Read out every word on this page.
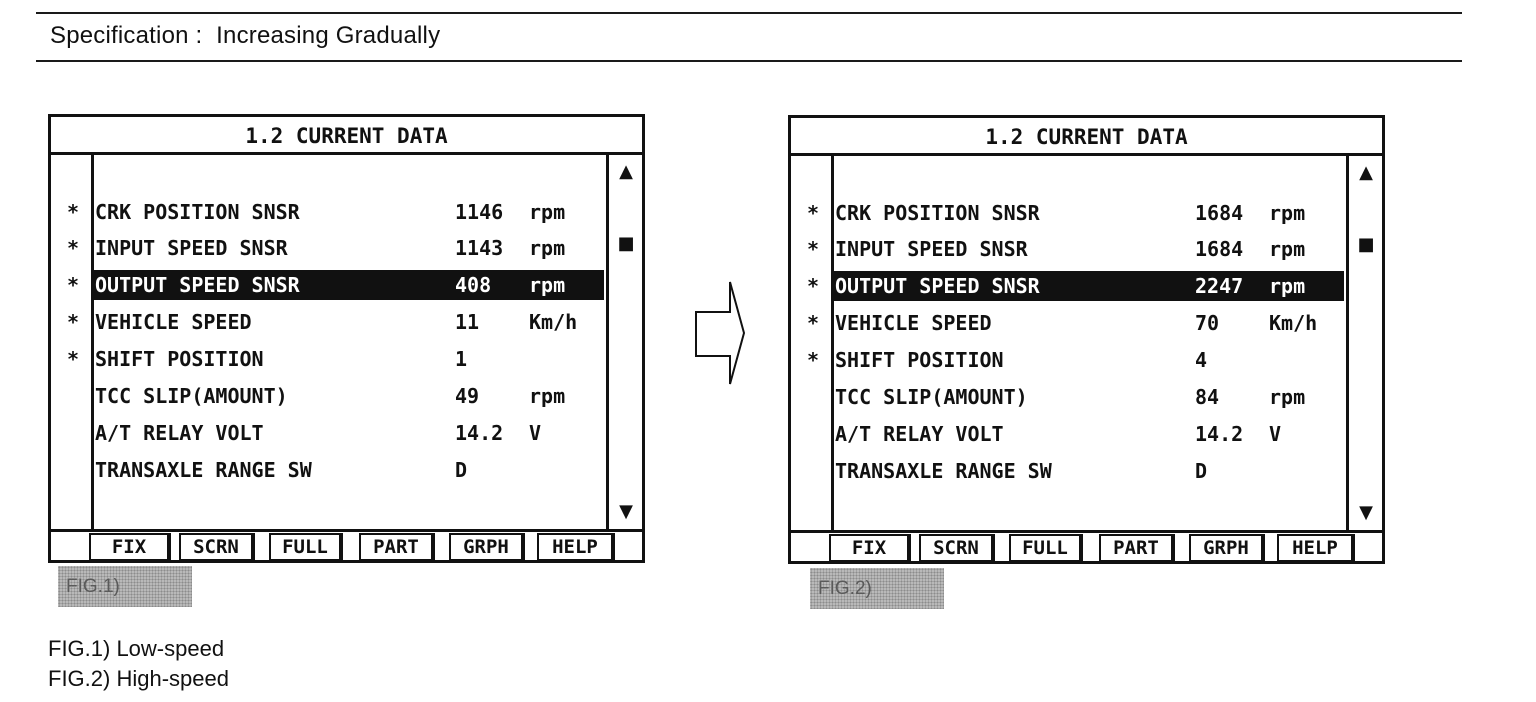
Specification :  Increasing Gradually
1.2 CURRENT DATA
* CRK POSITION SNSR	1146 rpm
* INPUT SPEED SNSR	1143 rpm
* OUTPUT SPEED SNSR	408 rpm
* VEHICLE SPEED	11 Km/h
* SHIFT POSITION	1
TCC SLIP(AMOUNT)	49 rpm
A/T RELAY VOLT	14.2 V
TRANSAXLE RANGE SW	D
▲
■
▼
FIX	SCRN	FULL	PART	GRPH	HELP
FIG.1)
1.2 CURRENT DATA
* CRK POSITION SNSR	1684 rpm
* INPUT SPEED SNSR	1684 rpm
* OUTPUT SPEED SNSR	2247 rpm
* VEHICLE SPEED	70 Km/h
* SHIFT POSITION	4
TCC SLIP(AMOUNT)	84 rpm
A/T RELAY VOLT	14.2 V
TRANSAXLE RANGE SW	D
▲
■
▼
FIX	SCRN	FULL	PART	GRPH	HELP
FIG.2)
FIG.1) Low-speed
FIG.2) High-speed
